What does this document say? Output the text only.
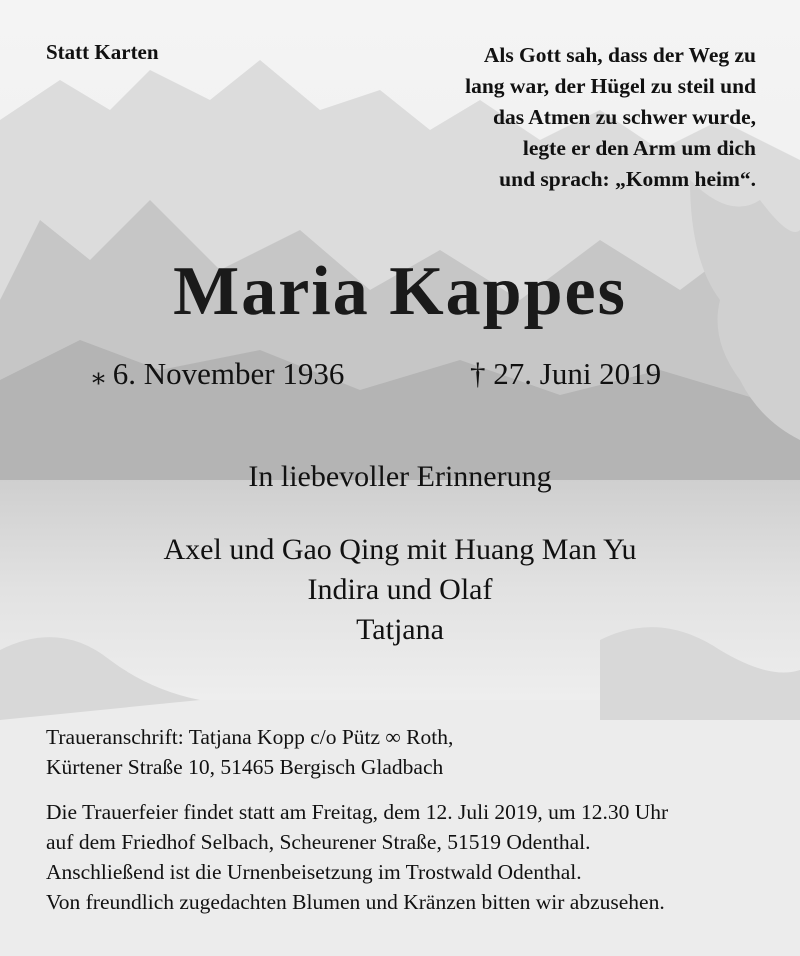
Statt Karten	Als Gott sah, dass der Weg zu
lang war, der Hügel zu steil und
das Atmen zu schwer wurde,
legte er den Arm um dich
und sprach: „Komm heim“.
Maria Kappes
⁎ 6. November 1936	† 27. Juni 2019
In liebevoller Erinnerung
Axel und Gao Qing mit Huang Man Yu
Indira und Olaf
Tatjana
Traueranschrift: Tatjana Kopp c/o Pütz ∞ Roth,
Kürtener Straße 10, 51465 Bergisch Gladbach
Die Trauerfeier findet statt am Freitag, dem 12. Juli 2019, um 12.30 Uhr
auf dem Friedhof Selbach, Scheurener Straße, 51519 Odenthal.
Anschließend ist die Urnenbeisetzung im Trostwald Odenthal.
Von freundlich zugedachten Blumen und Kränzen bitten wir abzusehen.
